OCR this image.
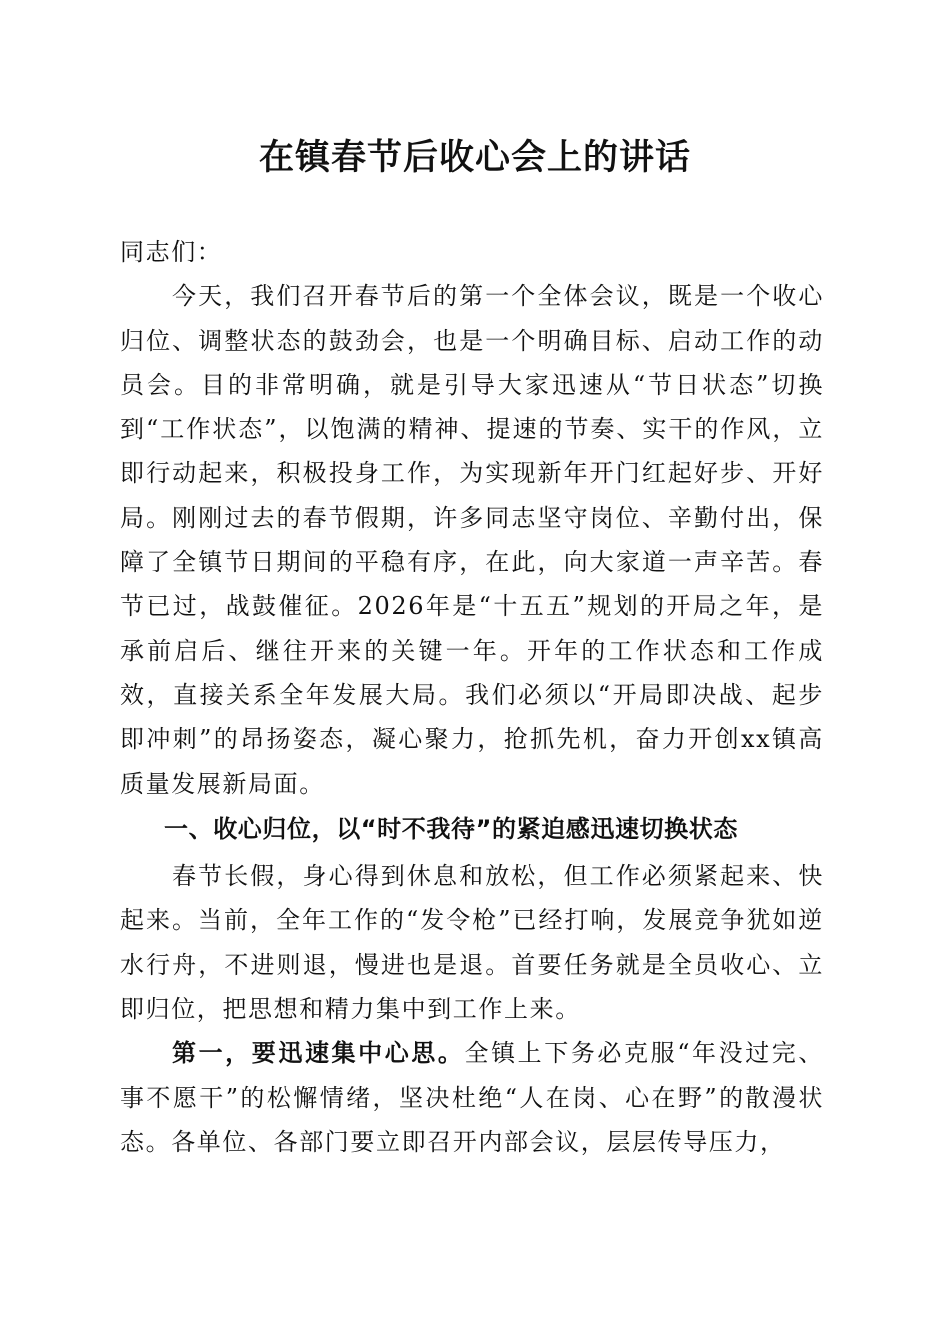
在镇春节后收心会上的讲话

同志们：

今天，我们召开春节后的第一个全体会议，既是一个收心归位、调整状态的鼓劲会，也是一个明确目标、启动工作的动员会。目的非常明确，就是引导大家迅速从“节日状态”切换到“工作状态”，以饱满的精神、提速的节奏、实干的作风，立即行动起来，积极投身工作，为实现新年开门红起好步、开好局。刚刚过去的春节假期，许多同志坚守岗位、辛勤付出，保障了全镇节日期间的平稳有序，在此，向大家道一声辛苦。春节已过，战鼓催征。2026年是“十五五”规划的开局之年，是承前启后、继往开来的关键一年。开年的工作状态和工作成效，直接关系全年发展大局。我们必须以“开局即决战、起步即冲刺”的昂扬姿态，凝心聚力，抢抓先机，奋力开创xx镇高质量发展新局面。

一、收心归位，以“时不我待”的紧迫感迅速切换状态

春节长假，身心得到休息和放松，但工作必须紧起来、快起来。当前，全年工作的“发令枪”已经打响，发展竞争犹如逆水行舟，不进则退，慢进也是退。首要任务就是全员收心、立即归位，把思想和精力集中到工作上来。

第一，要迅速集中心思。全镇上下务必克服“年没过完、事不愿干”的松懈情绪，坚决杜绝“人在岗、心在野”的散漫状态。各单位、各部门要立即召开内部会议，层层传导压力，
